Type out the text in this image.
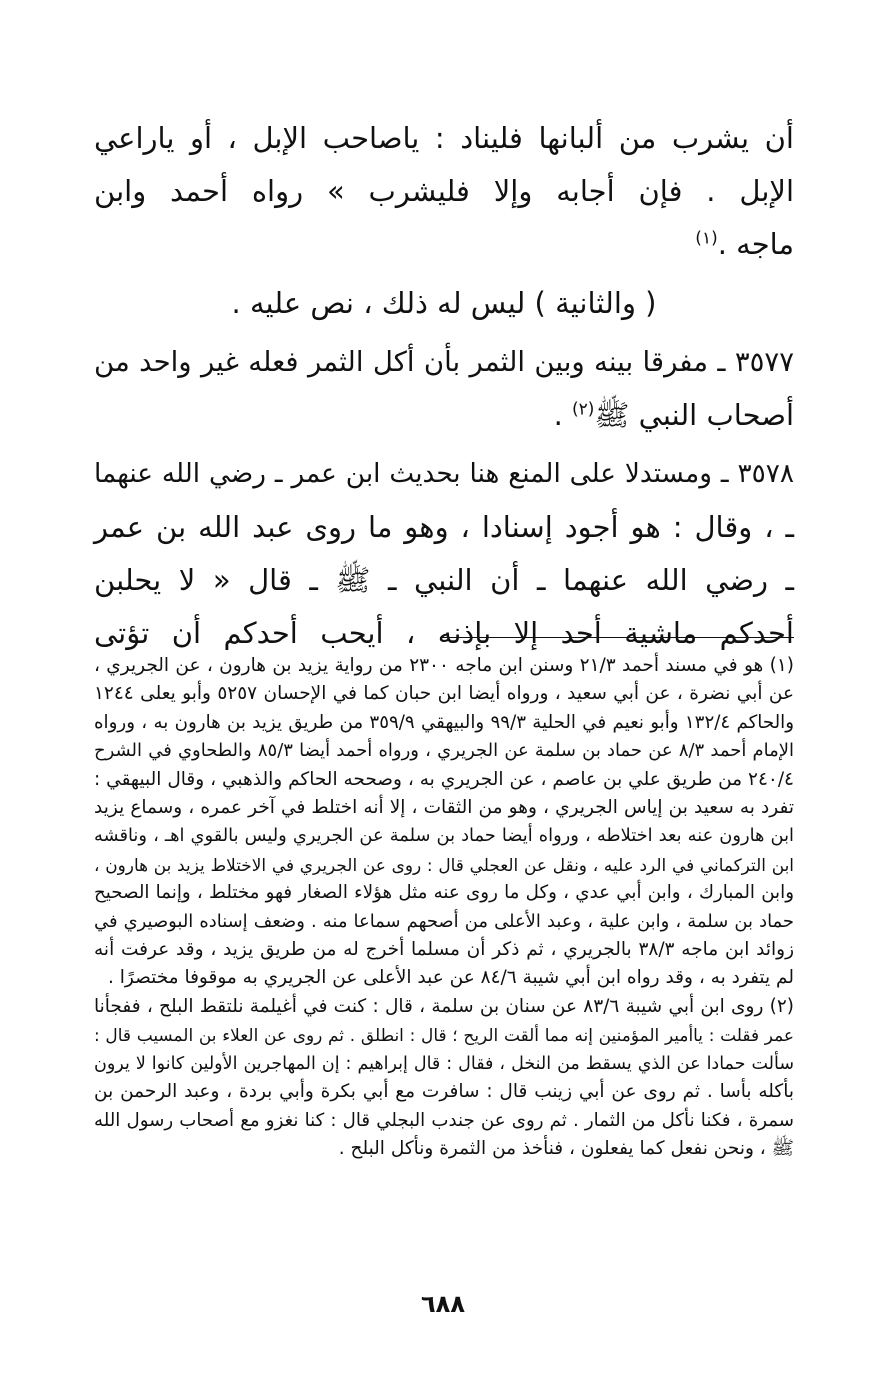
أن يشرب من ألبانها فليناد : ياصاحب الإبل ، أو ياراعي

الإبل . فإن أجابه وإلا فليشرب » رواه أحمد وابن

ماجه .$^{(١)}$

( والثانية ) ليس له ذلك ، نص عليه .

٣٥٧٧ ـ مفرقا بينه وبين الثمر بأن أكل الثمر فعله غير واحد من

أصحاب النبي ﷺ$^{(٢)}$ .

٣٥٧٨ ـ ومستدلا على المنع هنا بحديث ابن عمر ـ رضي الله عنهما

ـ ، وقال : هو أجود إسنادا ، وهو ما روى عبد الله بن عمر

ـ رضي الله عنهما ـ أن النبي ـ ﷺ ـ قال « لا يحلبن

أحدكم ماشية أحد إلا بإذنه ، أيحب أحدكم أن تؤتى

(١) هو في مسند أحمد ٢١/٣ وسنن ابن ماجه ٢٣٠٠ من رواية يزيد بن هارون ، عن الجريري ،

عن أبي نضرة ، عن أبي سعيد ، ورواه أيضا ابن حبان كما في الإحسان ٥٢٥٧ وأبو يعلى ١٢٤٤

والحاكم ١٣٢/٤ وأبو نعيم في الحلية ٩٩/٣ والبيهقي ٣٥٩/٩ من طريق يزيد بن هارون به ، ورواه

الإمام أحمد ٨/٣ عن حماد بن سلمة عن الجريري ، ورواه أحمد أيضا ٨٥/٣ والطحاوي في الشرح

٢٤٠/٤ من طريق علي بن عاصم ، عن الجريري به ، وصححه الحاكم والذهبي ، وقال البيهقي :

تفرد به سعيد بن إياس الجريري ، وهو من الثقات ، إلا أنه اختلط في آخر عمره ، وسماع يزيد

ابن هارون عنه بعد اختلاطه ، ورواه أيضا حماد بن سلمة عن الجريري وليس بالقوي اهـ ، وناقشه

ابن التركماني في الرد عليه ، ونقل عن العجلي قال : روى عن الجريري في الاختلاط يزيد بن هارون ،

وابن المبارك ، وابن أبي عدي ، وكل ما روى عنه مثل هؤلاء الصغار فهو مختلط ، وإنما الصحيح

حماد بن سلمة ، وابن علية ، وعبد الأعلى من أصحهم سماعا منه . وضعف إسناده البوصيري في

زوائد ابن ماجه ٣٨/٣ بالجريري ، ثم ذكر أن مسلما أخرج له من طريق يزيد ، وقد عرفت أنه

لم يتفرد به ، وقد رواه ابن أبي شيبة ٨٤/٦ عن عبد الأعلى عن الجريري به موقوفا مختصرًا .

(٢) روى ابن أبي شيبة ٨٣/٦ عن سنان بن سلمة ، قال : كنت في أغيلمة نلتقط البلح ، ففجأنا

عمر فقلت : ياأمير المؤمنين إنه مما ألقت الريح ؛ قال : انطلق . ثم روى عن العلاء بن المسيب قال :

سألت حمادا عن الذي يسقط من النخل ، فقال : قال إبراهيم : إن المهاجرين الأولين كانوا لا يرون

بأكله بأسا . ثم روى عن أبي زينب قال : سافرت مع أبي بكرة وأبي بردة ، وعبد الرحمن بن

سمرة ، فكنا نأكل من الثمار . ثم روى عن جندب البجلي قال : كنا نغزو مع أصحاب رسول الله

ﷺ ، ونحن نفعل كما يفعلون ، فنأخذ من الثمرة ونأكل البلح .

٦٨٨
